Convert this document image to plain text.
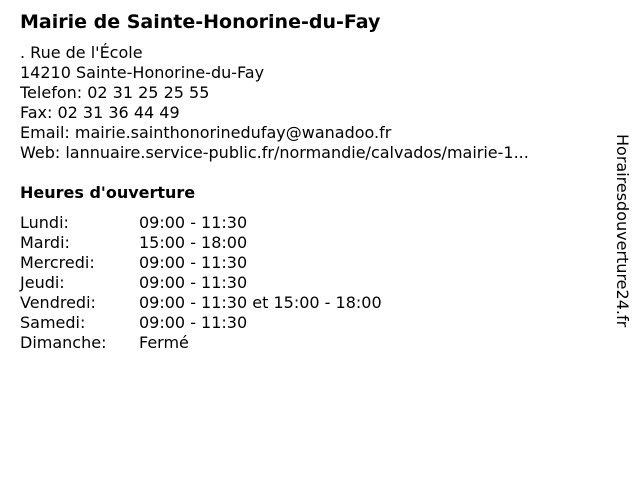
Mairie de Sainte-Honorine-du-Fay
. Rue de l'École
14210 Sainte-Honorine-du-Fay
Telefon: 02 31 25 25 55
Fax: 02 31 36 44 49
Email: mairie.sainthonorinedufay@wanadoo.fr
Web: lannuaire.service-public.fr/normandie/calvados/mairie-1...
Heures d'ouverture
Lundi:	09:00 - 11:30
Mardi:	15:00 - 18:00
Mercredi:	09:00 - 11:30
Jeudi:	09:00 - 11:30
Vendredi:	09:00 - 11:30 et 15:00 - 18:00
Samedi:	09:00 - 11:30
Dimanche: Fermé
Horairesdouverture24.fr
